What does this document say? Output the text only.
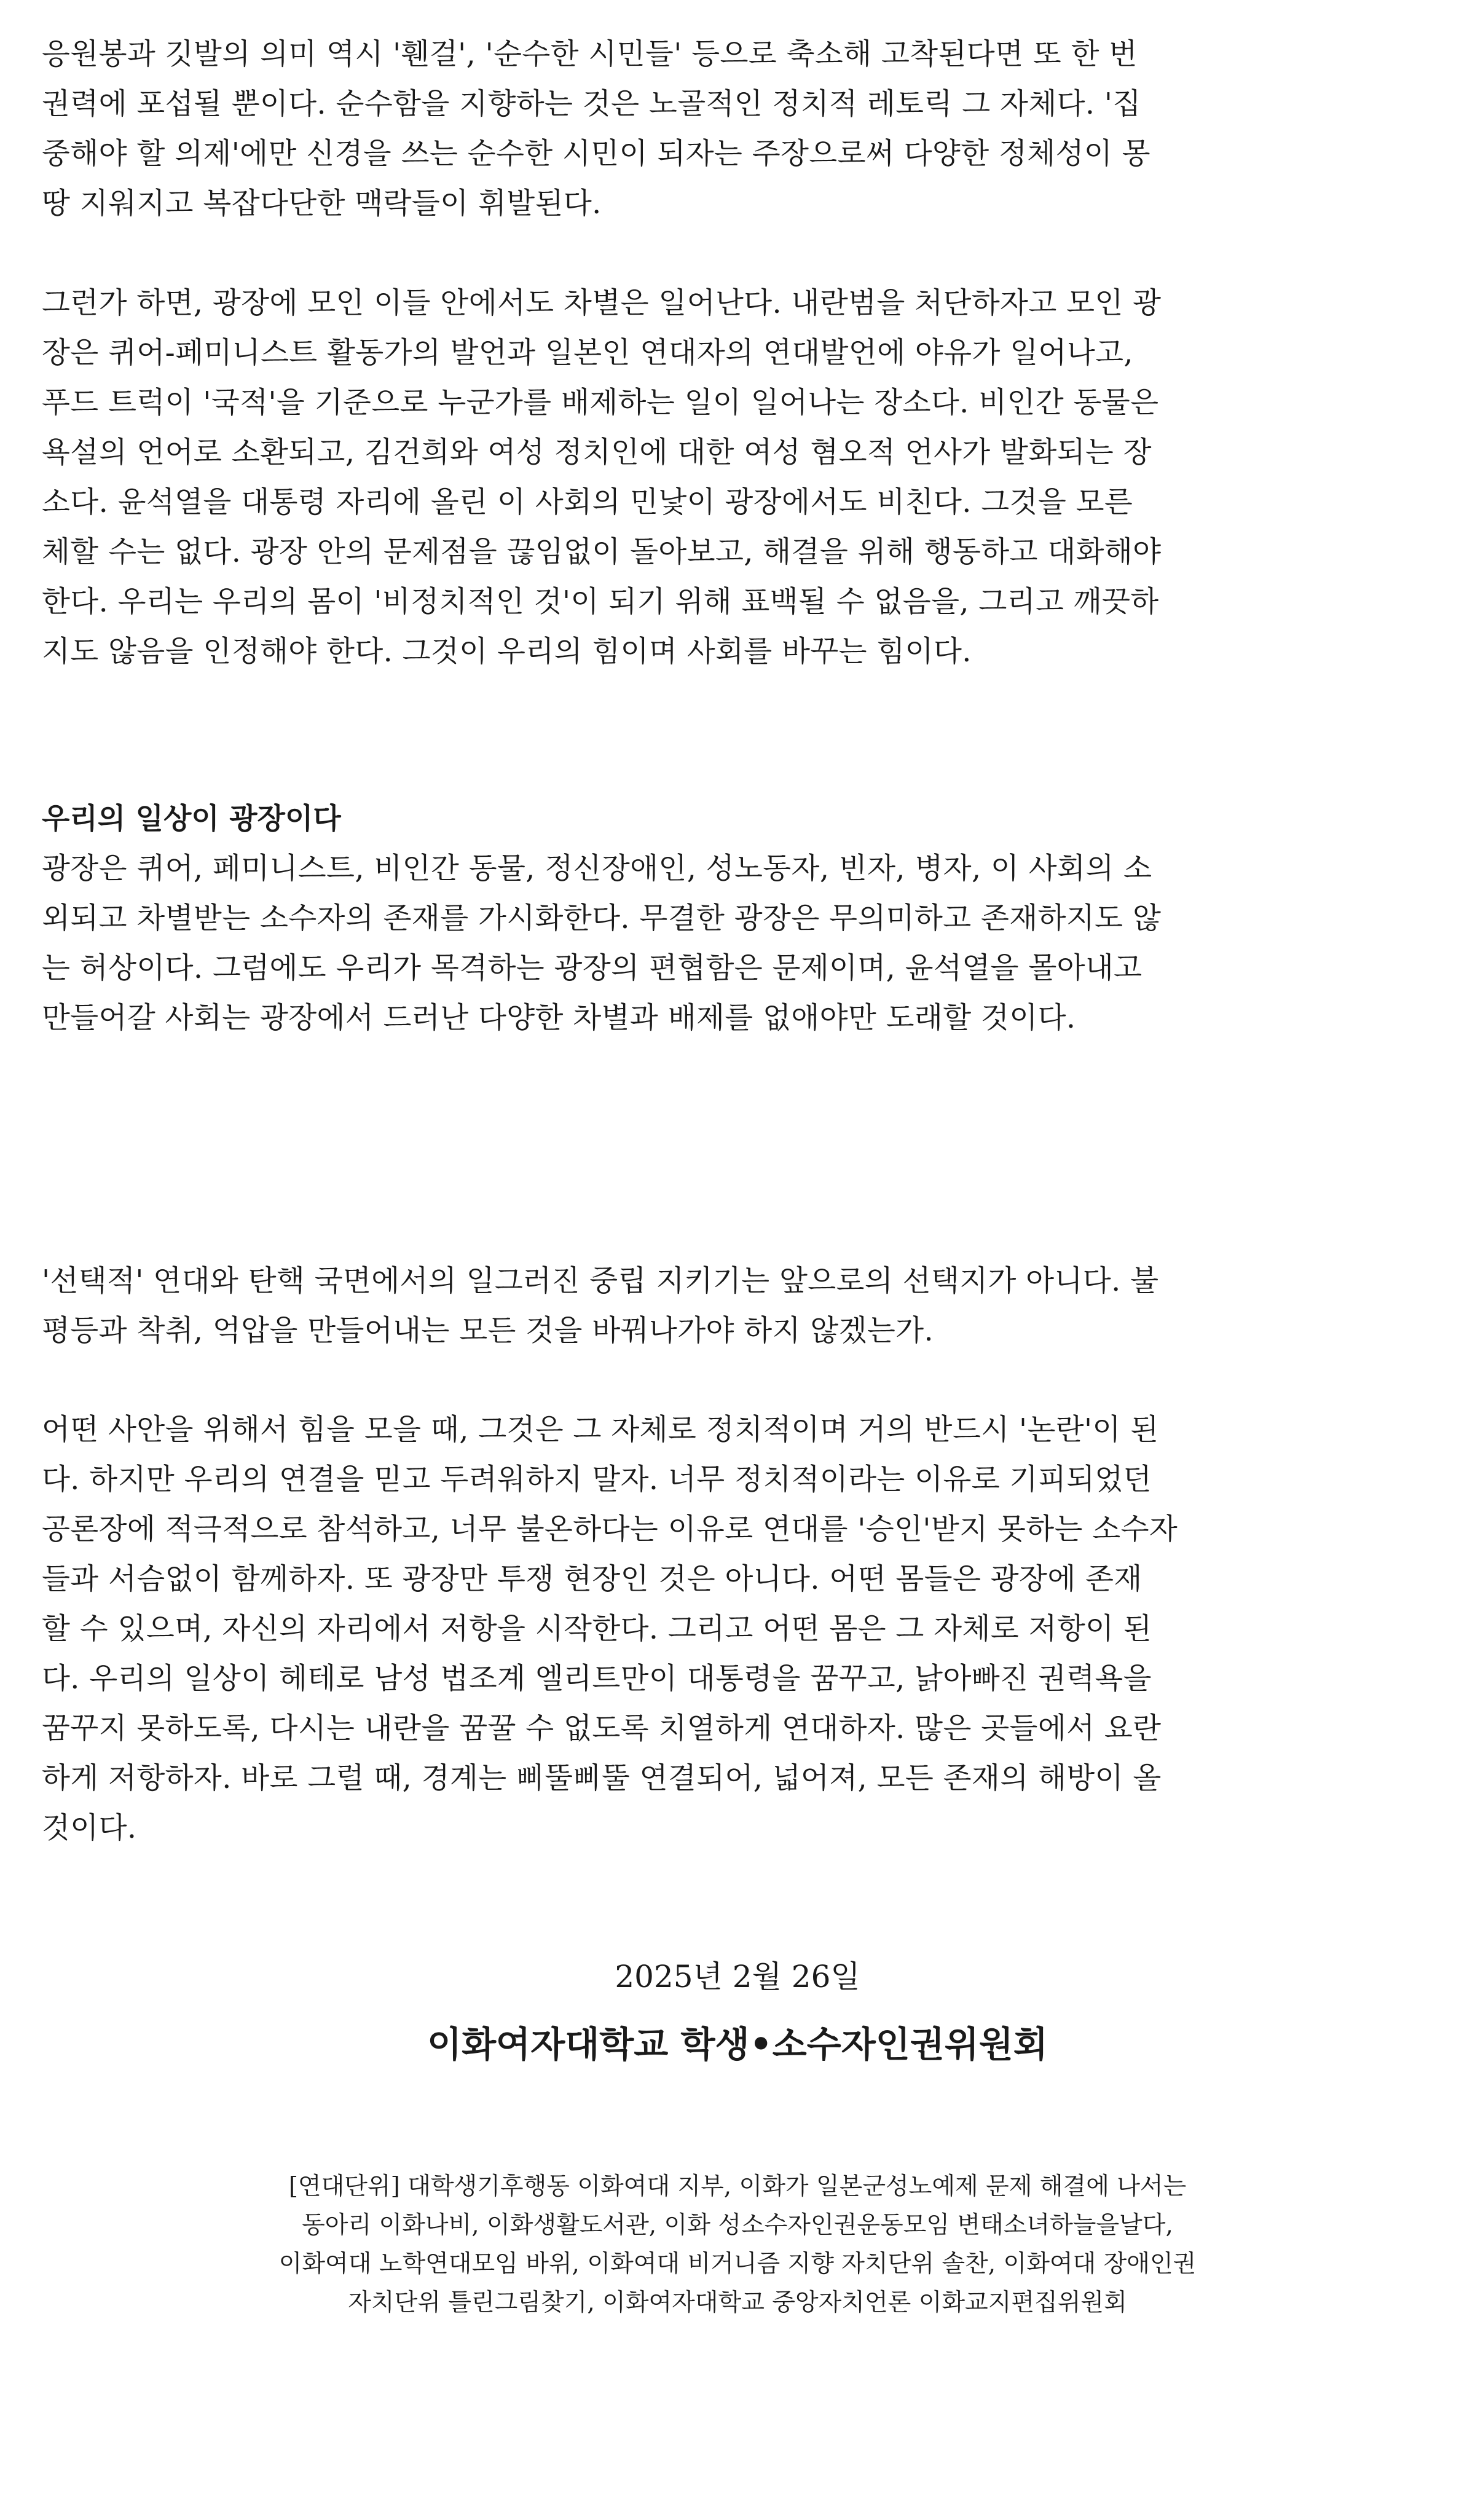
응원봉과 깃발의 의미 역시 '휀걸', '순수한 시민들' 등으로 축소해 고착된다면 또 한 번

권력에 포섭될 뿐이다. 순수함을 지향하는 것은 노골적인 정치적 레토릭 그 자체다. '집

중해야 할 의제'에만 신경을 쓰는 순수한 시민이 되자는 주장으로써 다양한 정체성이 몽

땅 지워지고 복잡다단한 맥락들이 휘발된다.

그런가 하면, 광장에 모인 이들 안에서도 차별은 일어난다. 내란범을 처단하자고 모인 광

장은 퀴어-페미니스트 활동가의 발언과 일본인 연대자의 연대발언에 야유가 일어나고,

푸드 트럭이 '국적'을 기준으로 누군가를 배제하는 일이 일어나는 장소다. 비인간 동물은

욕설의 언어로 소환되고, 김건희와 여성 정치인에 대한 여성 혐오적 언사가 발화되는 장

소다. 윤석열을 대통령 자리에 올린 이 사회의 민낯이 광장에서도 비친다. 그것을 모른

체할 수는 없다. 광장 안의 문제점을 끊임없이 돌아보고, 해결을 위해 행동하고 대화해야

한다. 우리는 우리의 몸이 '비정치적인 것'이 되기 위해 표백될 수 없음을, 그리고 깨끗하

지도 않음을 인정해야 한다. 그것이 우리의 힘이며 사회를 바꾸는 힘이다.

우리의 일상이 광장이다

광장은 퀴어, 페미니스트, 비인간 동물, 정신장애인, 성노동자, 빈자, 병자, 이 사회의 소

외되고 차별받는 소수자의 존재를 가시화한다. 무결한 광장은 무의미하고 존재하지도 않

는 허상이다. 그럼에도 우리가 목격하는 광장의 편협함은 문제이며, 윤석열을 몰아내고

만들어갈 사회는 광장에서 드러난 다양한 차별과 배제를 없애야만 도래할 것이다.

'선택적' 연대와 탄핵 국면에서의 일그러진 중립 지키기는 앞으로의 선택지가 아니다. 불

평등과 착취, 억압을 만들어내는 모든 것을 바꿔나가야 하지 않겠는가.

어떤 사안을 위해서 힘을 모을 때, 그것은 그 자체로 정치적이며 거의 반드시 '논란'이 된

다. 하지만 우리의 연결을 믿고 두려워하지 말자. 너무 정치적이라는 이유로 기피되었던

공론장에 적극적으로 참석하고, 너무 불온하다는 이유로 연대를 '승인'받지 못하는 소수자

들과 서슴없이 함께하자. 또 광장만 투쟁 현장인 것은 아니다. 어떤 몸들은 광장에 존재

할 수 있으며, 자신의 자리에서 저항을 시작한다. 그리고 어떤 몸은 그 자체로 저항이 된

다. 우리의 일상이 헤테로 남성 법조계 엘리트만이 대통령을 꿈꾸고, 낡아빠진 권력욕을

꿈꾸지 못하도록, 다시는 내란을 꿈꿀 수 없도록 치열하게 연대하자. 많은 곳들에서 요란

하게 저항하자. 바로 그럴 때, 경계는 삐뚤삐뚤 연결되어, 넓어져, 모든 존재의 해방이 올

것이다.

2025년 2월 26일
이화여자대학교 학생•소수자인권위원회

[연대단위] 대학생기후행동 이화여대 지부, 이화가 일본군성노예제 문제 해결에 나서는

동아리 이화나비, 이화생활도서관, 이화 성소수자인권운동모임 변태소녀하늘을날다,

이화여대 노학연대모임 바위, 이화여대 비거니즘 지향 자치단위 솔찬, 이화여대 장애인권

자치단위 틀린그림찾기, 이화여자대학교 중앙자치언론 이화교지편집위원회
